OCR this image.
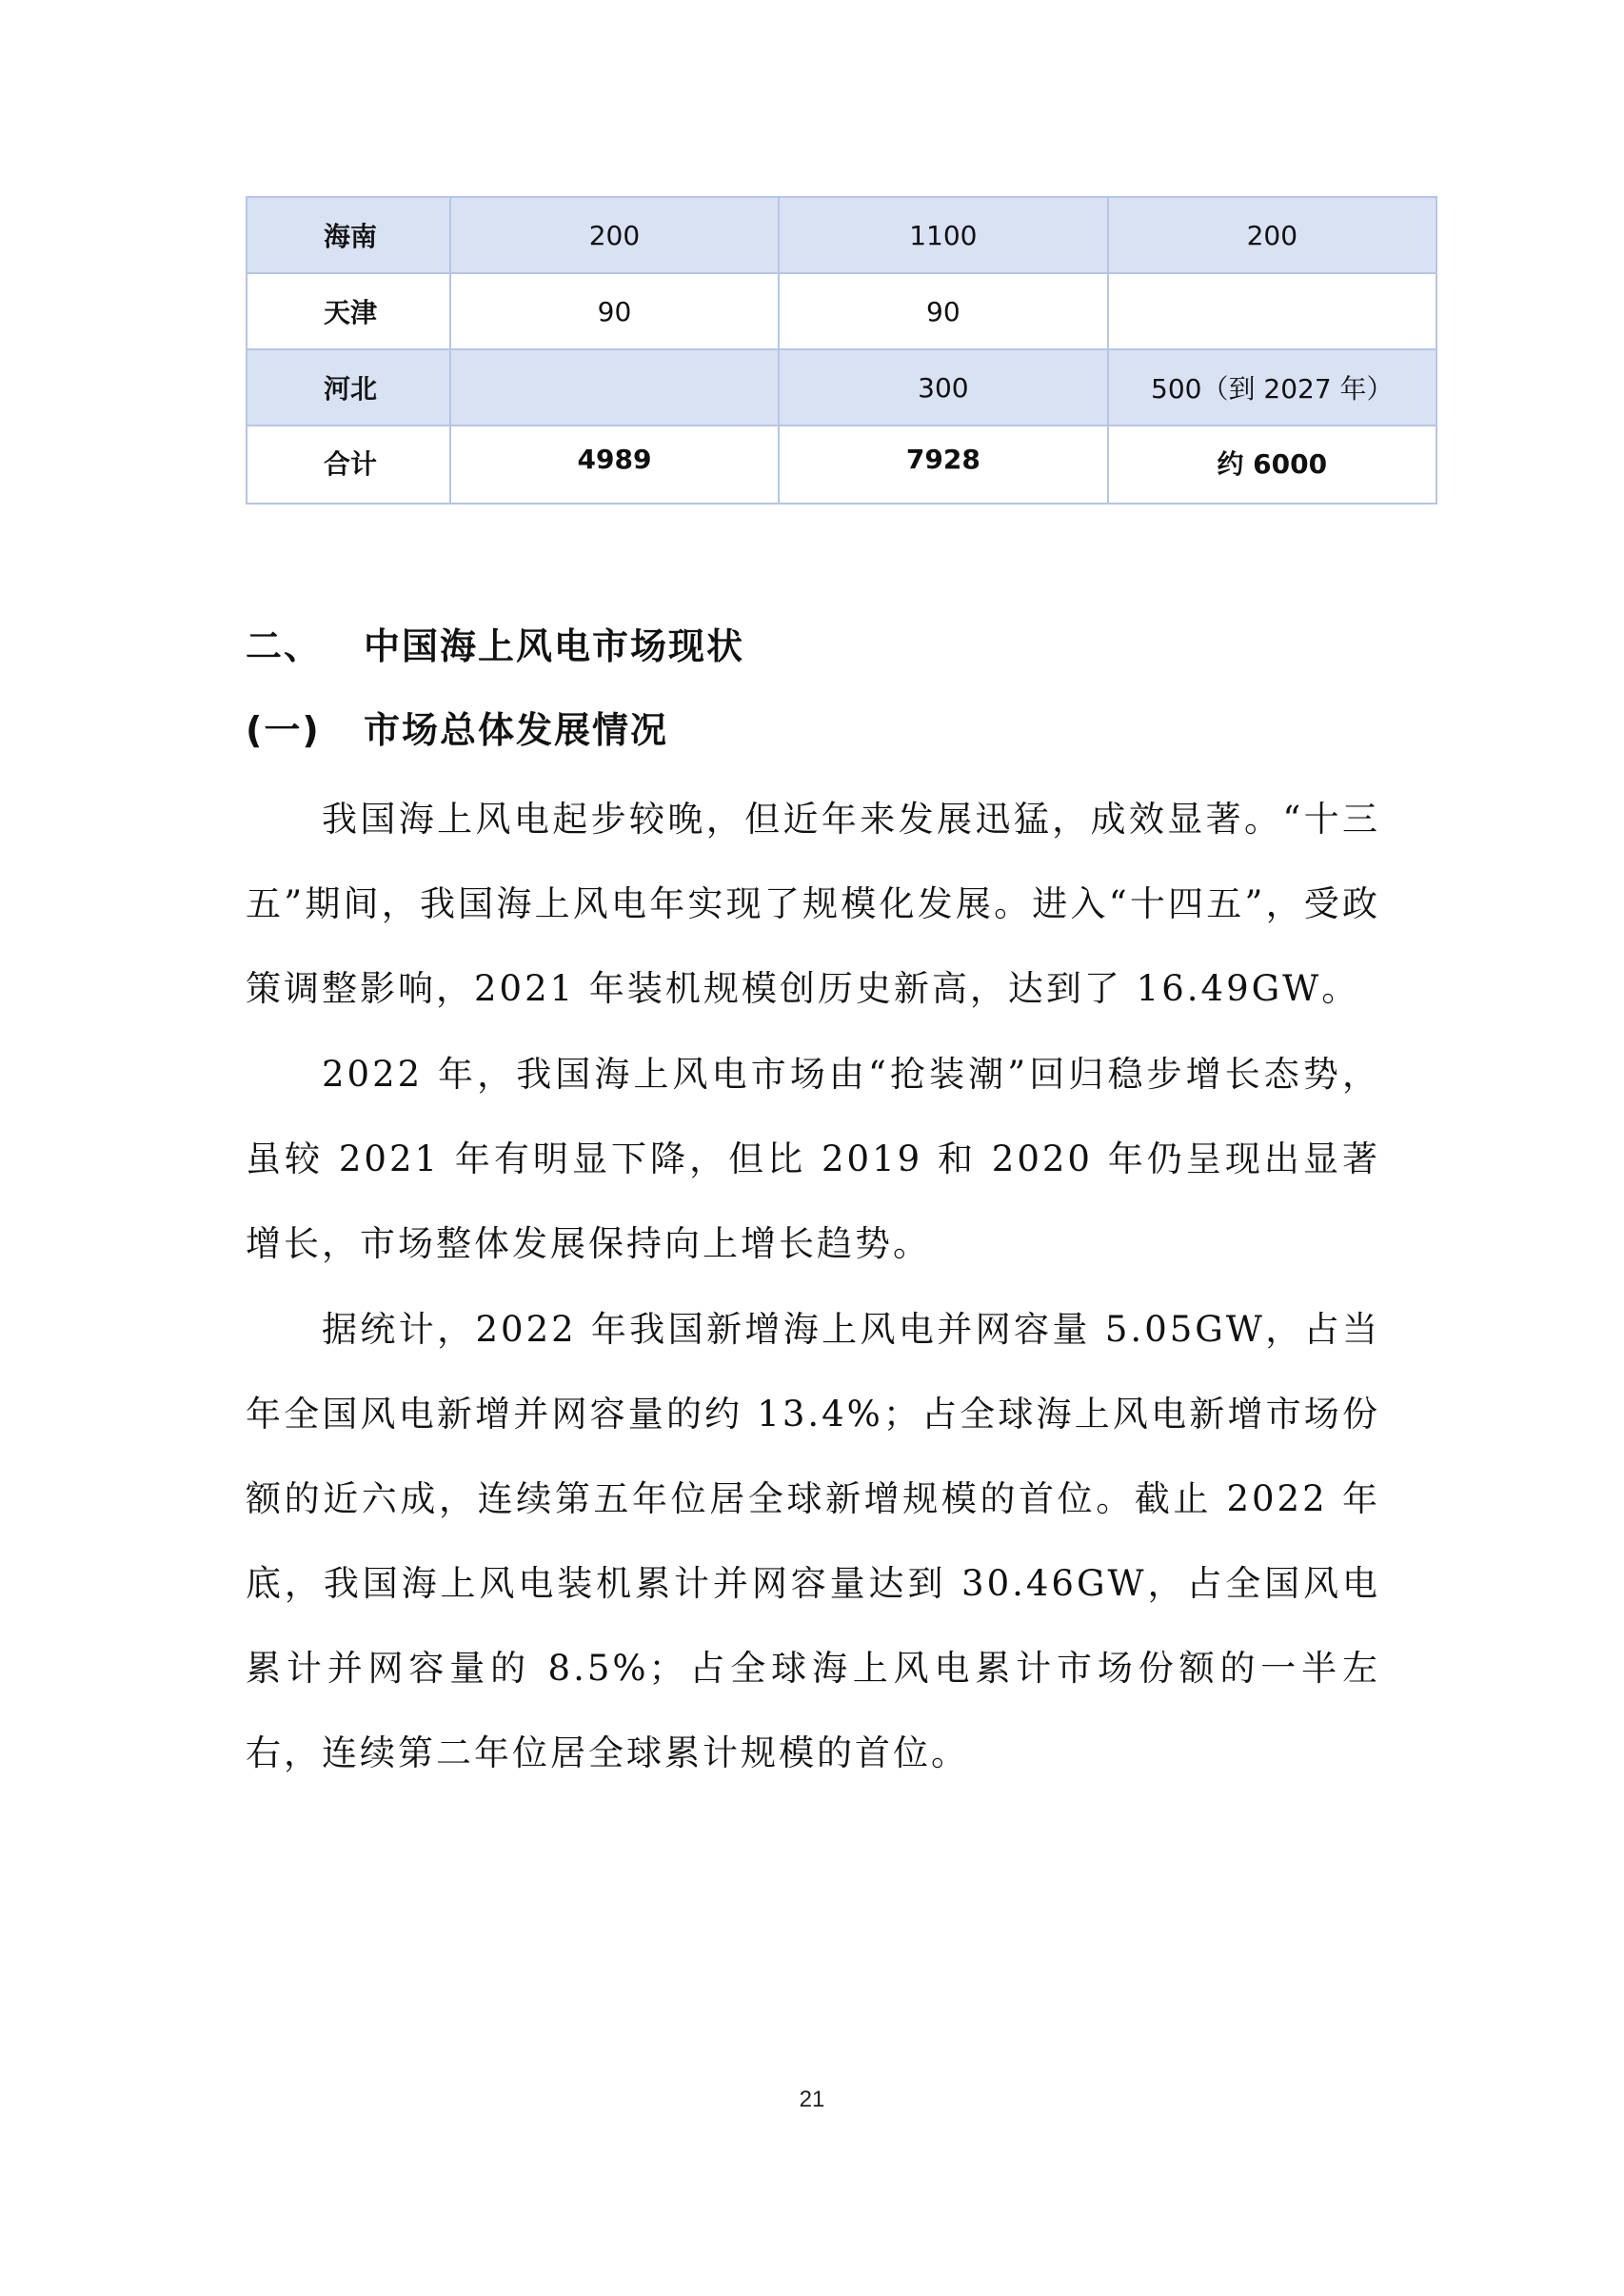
海南	200	1100	200
天津	90	90	
河北		300	500（到 2027 年）
合计	4989	7928	约 6000
二、 中国海上风电市场现状
(一) 市场总体发展情况

我国海上风电起步较晚，但近年来发展迅猛，成效显著。“十三五”期间，我国海上风电年实现了规模化发展。进入“十四五”，受政策调整影响，2021 年装机规模创历史新高，达到了 16.49GW。

2022 年，我国海上风电市场由“抢装潮”回归稳步增长态势，虽较 2021 年有明显下降，但比 2019 和 2020 年仍呈现出显著增长，市场整体发展保持向上增长趋势。

据统计，2022 年我国新增海上风电并网容量 5.05GW，占当年全国风电新增并网容量的约 13.4%；占全球海上风电新增市场份额的近六成，连续第五年位居全球新增规模的首位。截止 2022 年底，我国海上风电装机累计并网容量达到 30.46GW，占全国风电累计并网容量的 8.5%；占全球海上风电累计市场份额的一半左右，连续第二年位居全球累计规模的首位。

21
